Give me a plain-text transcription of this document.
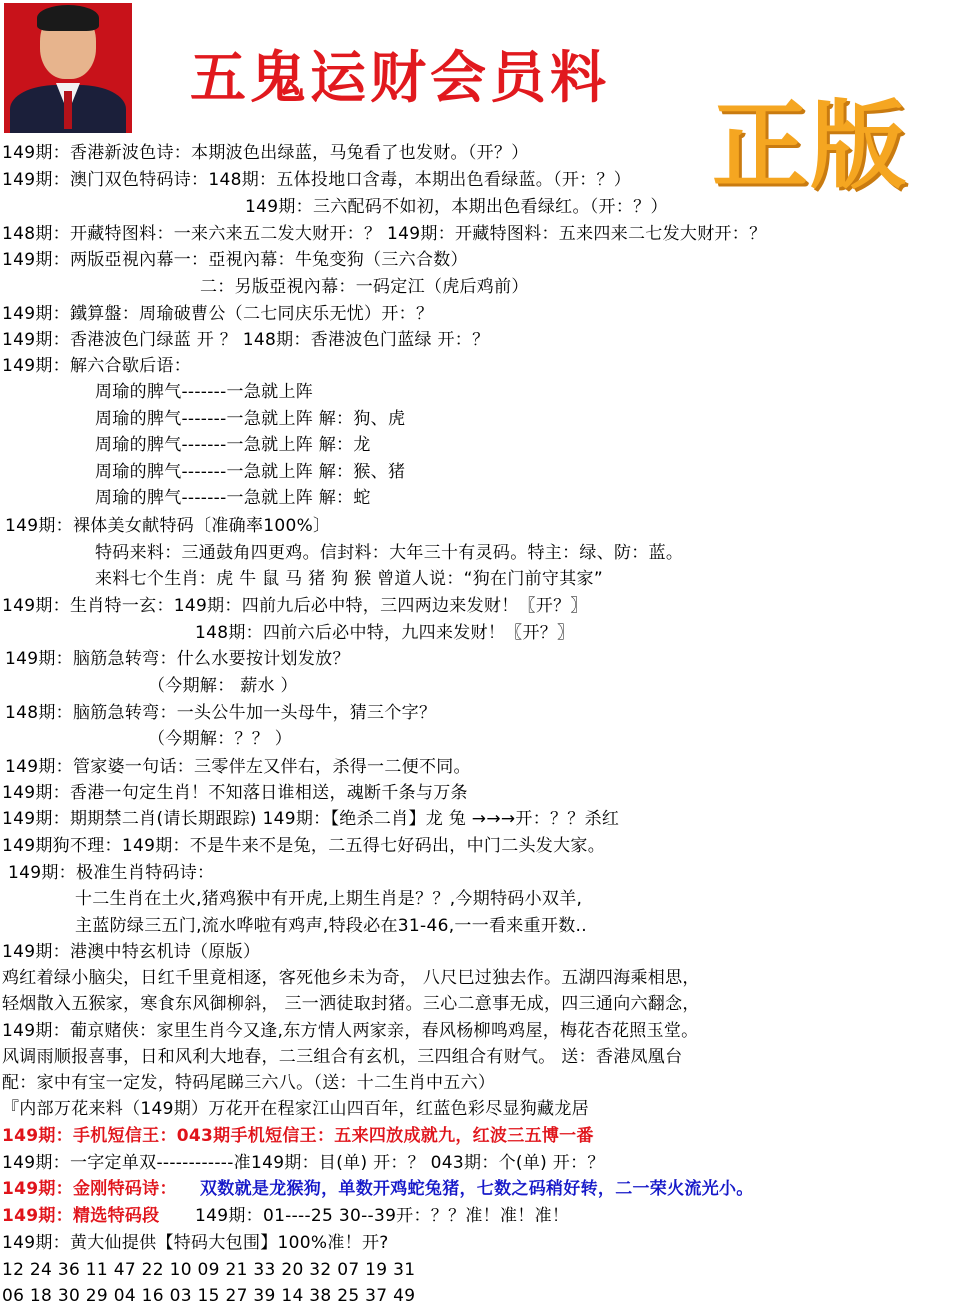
五鬼运财会员料
正版
149期：香港新波色诗：本期波色出绿蓝，马兔看了也发财。（开？）
149期：澳门双色特码诗：148期：五体投地口含毒，本期出色看绿蓝。（开：？）
149期：三六配码不如初，本期出色看绿红。（开：？）
148期：开藏特图料：一来六来五二发大财开：？ 149期：开藏特图料：五来四来二七发大财开：？
149期：两版亞視內幕一：亞視內幕：牛兔变狗（三六合数）
二：另版亞視內幕：一码定江（虎后鸡前）
149期：鐵算盤：周瑜破曹公（二七同庆乐无忧）开：？
149期：香港波色门绿蓝 开 ？ 148期：香港波色门蓝绿 开：？
149期：解六合歇后语：
周瑜的脾气-------一急就上阵
周瑜的脾气-------一急就上阵 解：狗、虎
周瑜的脾气-------一急就上阵 解：龙
周瑜的脾气-------一急就上阵 解：猴、猪
周瑜的脾气-------一急就上阵 解：蛇
149期：裸体美女献特码〔准确率100%〕
特码来料：三通鼓角四更鸡。信封料：大年三十有灵码。特主：绿、防：蓝。
来料七个生肖：虎 牛 鼠 马 猪 狗 猴 曾道人说：“狗在门前守其家”
149期：生肖特一玄：149期：四前九后必中特，三四两边来发财！〖开？〗
148期：四前六后必中特，九四来发财！〖开？〗
149期：脑筋急转弯：什么水要按计划发放？
（今期解： 薪水 ）
148期：脑筋急转弯：一头公牛加一头母牛，猜三个字？
（今期解：？？ ）
149期：管家婆一句话：三零伴左又伴右，杀得一二便不同。
149期：香港一句定生肖！不知落日谁相送，魂断千条与万条
149期：期期禁二肖(请长期跟踪) 149期：【绝杀二肖】龙 兔 →→→开：？？杀红
149期狗不理：149期：不是牛来不是兔，二五得七好码出，中门二头发大家。
149期：极准生肖特码诗：
十二生肖在土火,猪鸡猴中有开虎,上期生肖是？？,今期特码小双羊,
主蓝防绿三五门,流水哗啦有鸡声,特段必在31-46,一一看来重开数..
149期：港澳中特玄机诗（原版）
鸡红着绿小脑尖，日红千里竟相逐，客死他乡未为奇， 八尺巳过独去作。五湖四海乘相思，
轻烟散入五猴家，寒食东风御柳斜， 三一洒徒取封猪。三心二意事无成，四三通向六翻念，
149期：葡京赌侠：家里生肖今又逢,东方情人两家亲，春风杨柳鸣鸡屋，梅花杏花照玉堂。
风调雨顺报喜事，日和风利大地春，二三组合有玄机，三四组合有财气。 送：香港凤凰台
配：家中有宝一定发，特码尾睇三六八。（送：十二生肖中五六）
『内部万花来料（149期）万花开在程家江山四百年，红蓝色彩尽显狗藏龙居
149期：手机短信王：043期手机短信王：五来四放成就九，红波三五博一番
149期：一字定单双------------准149期：目(单) 开：？ 043期：个(单) 开：？
149期：金刚特码诗： 双数就是龙猴狗，单数开鸡蛇兔猪，七数之码稍好转，二一荣火流光小。
149期：精选特码段 149期：01----25 30--39开：？？准！准！准！
149期：黄大仙提供【特码大包围】100%准！开?
12 24 36 11 47 22 10 09 21 33 20 32 07 19 31
06 18 30 29 04 16 03 15 27 39 14 38 25 37 49
